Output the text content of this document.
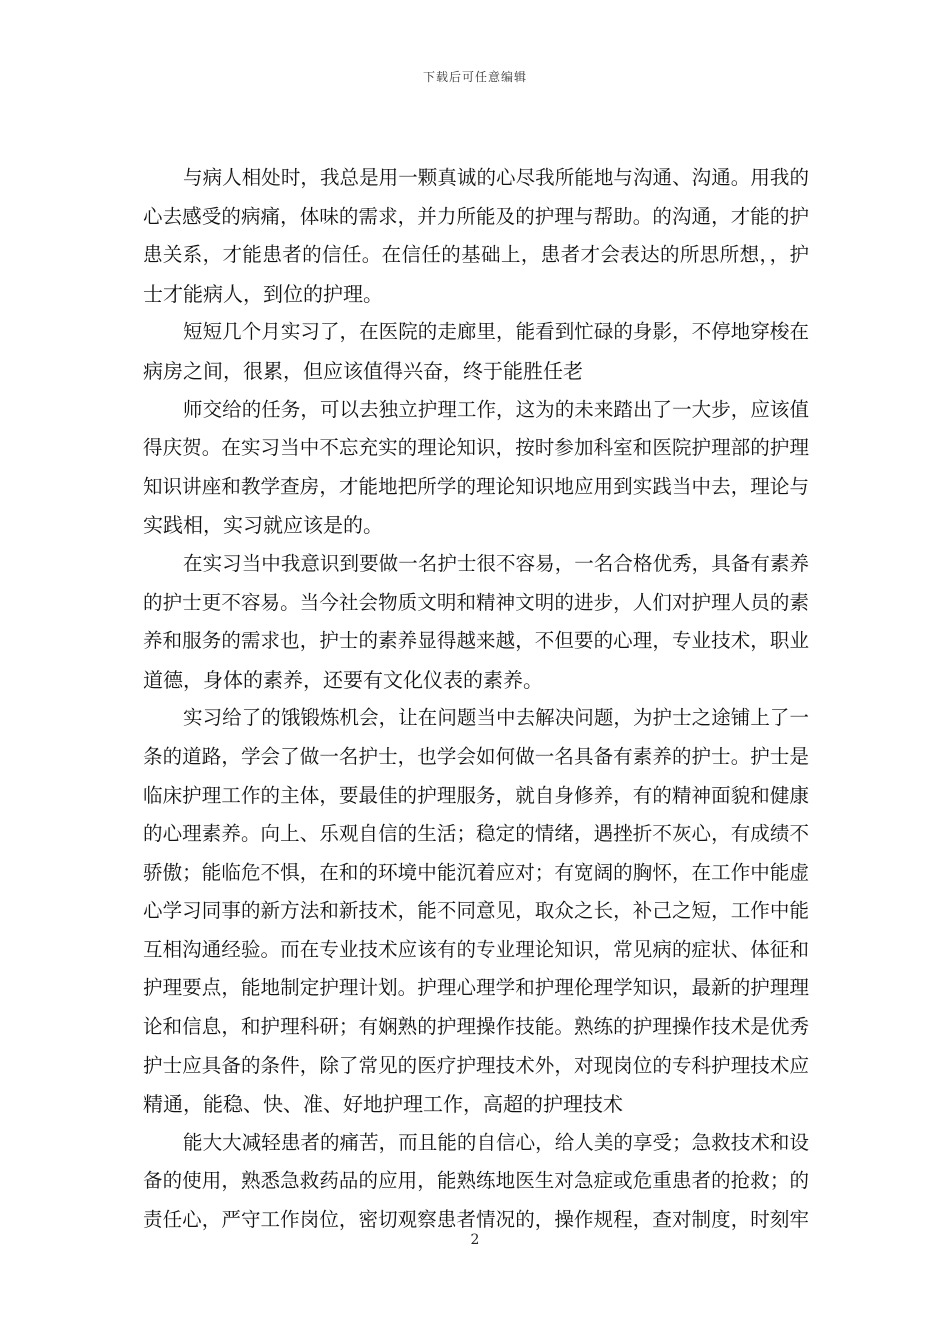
下载后可任意编辑
与病人相处时，我总是用一颗真诚的心尽我所能地与沟通、沟通。用我的
心去感受的病痛，体味的需求，并力所能及的护理与帮助。的沟通，才能的护
患关系，才能患者的信任。在信任的基础上，患者才会表达的所思所想，，护
士才能病人，到位的护理。
短短几个月实习了，在医院的走廊里，能看到忙碌的身影，不停地穿梭在
病房之间，很累，但应该值得兴奋，终于能胜任老
师交给的任务，可以去独立护理工作，这为的未来踏出了一大步，应该值
得庆贺。在实习当中不忘充实的理论知识，按时参加科室和医院护理部的护理
知识讲座和教学查房，才能地把所学的理论知识地应用到实践当中去，理论与
实践相，实习就应该是的。
在实习当中我意识到要做一名护士很不容易，一名合格优秀，具备有素养
的护士更不容易。当今社会物质文明和精神文明的进步，人们对护理人员的素
养和服务的需求也，护士的素养显得越来越，不但要的心理，专业技术，职业
道德，身体的素养，还要有文化仪表的素养。
实习给了的饿锻炼机会，让在问题当中去解决问题，为护士之途铺上了一
条的道路，学会了做一名护士，也学会如何做一名具备有素养的护士。护士是
临床护理工作的主体，要最佳的护理服务，就自身修养，有的精神面貌和健康
的心理素养。向上、乐观自信的生活；稳定的情绪，遇挫折不灰心，有成绩不
骄傲；能临危不惧，在和的环境中能沉着应对；有宽阔的胸怀，在工作中能虚
心学习同事的新方法和新技术，能不同意见，取众之长，补己之短，工作中能
互相沟通经验。而在专业技术应该有的专业理论知识，常见病的症状、体征和
护理要点，能地制定护理计划。护理心理学和护理伦理学知识，最新的护理理
论和信息，和护理科研；有娴熟的护理操作技能。熟练的护理操作技术是优秀
护士应具备的条件，除了常见的医疗护理技术外，对现岗位的专科护理技术应
精通，能稳、快、准、好地护理工作，高超的护理技术
能大大减轻患者的痛苦，而且能的自信心，给人美的享受；急救技术和设
备的使用，熟悉急救药品的应用，能熟练地医生对急症或危重患者的抢救；的
责任心，严守工作岗位，密切观察患者情况的，操作规程，查对制度，时刻牢
2
